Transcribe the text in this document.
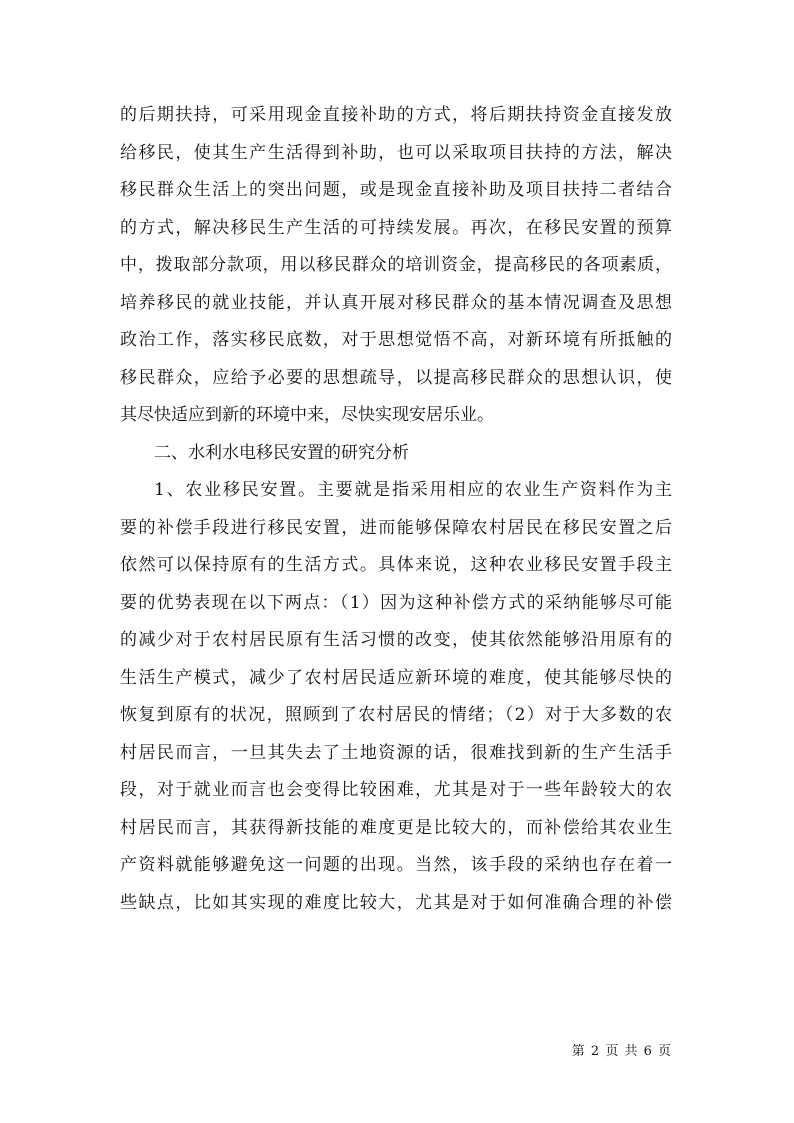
的后期扶持，可采用现金直接补助的方式，将后期扶持资金直接发放
给移民，使其生产生活得到补助，也可以采取项目扶持的方法，解决
移民群众生活上的突出问题，或是现金直接补助及项目扶持二者结合
的方式，解决移民生产生活的可持续发展。再次，在移民安置的预算
中，拨取部分款项，用以移民群众的培训资金，提高移民的各项素质，
培养移民的就业技能，并认真开展对移民群众的基本情况调查及思想
政治工作，落实移民底数，对于思想觉悟不高，对新环境有所抵触的
移民群众，应给予必要的思想疏导，以提高移民群众的思想认识，使
其尽快适应到新的环境中来，尽快实现安居乐业。
二、水利水电移民安置的研究分析
1、农业移民安置。主要就是指采用相应的农业生产资料作为主
要的补偿手段进行移民安置，进而能够保障农村居民在移民安置之后
依然可以保持原有的生活方式。具体来说，这种农业移民安置手段主
要的优势表现在以下两点：（1）因为这种补偿方式的采纳能够尽可能
的减少对于农村居民原有生活习惯的改变，使其依然能够沿用原有的
生活生产模式，减少了农村居民适应新环境的难度，使其能够尽快的
恢复到原有的状况，照顾到了农村居民的情绪；（2）对于大多数的农
村居民而言，一旦其失去了土地资源的话，很难找到新的生产生活手
段，对于就业而言也会变得比较困难，尤其是对于一些年龄较大的农
村居民而言，其获得新技能的难度更是比较大的，而补偿给其农业生
产资料就能够避免这一问题的出现。当然，该手段的采纳也存在着一
些缺点，比如其实现的难度比较大，尤其是对于如何准确合理的补偿
第 2 页 共 6 页
